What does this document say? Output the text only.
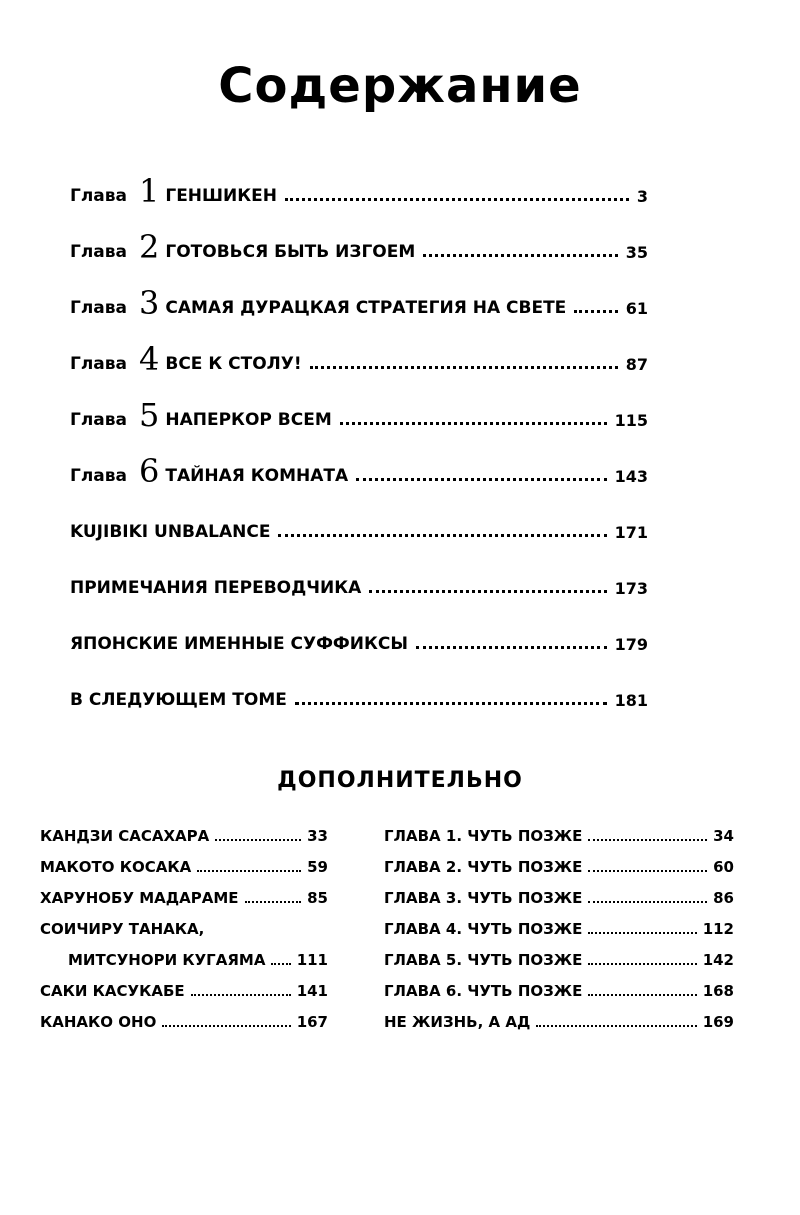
Содержание
Глава 1 ГЕНШИКЕН	3
Глава 2 ГОТОВЬСЯ БЫТЬ ИЗГОЕМ	35
Глава 3 САМАЯ ДУРАЦКАЯ СТРАТЕГИЯ НА СВЕТЕ	61
Глава 4 ВСЕ К СТОЛУ!	87
Глава 5 НАПЕРКОР ВСЕМ	115
Глава 6 ТАЙНАЯ КОМНАТА	143
KUJIBIKI UNBALANCE	171
ПРИМЕЧАНИЯ ПЕРЕВОДЧИКА	173
ЯПОНСКИЕ ИМЕННЫЕ СУФФИКСЫ	179
В СЛЕДУЮЩЕМ ТОМЕ	181
ДОПОЛНИТЕЛЬНО
КАНДЗИ САСАХАРА	33
МАКОТО КОСАКА	59
ХАРУНОБУ МАДАРАМЕ	85
СОИЧИРУ ТАНАКА,
МИТСУНОРИ КУГАЯМА 111
САКИ КАСУКАБЕ	141
КАНАКО ОНО	167
ГЛАВА 1. ЧУТЬ ПОЗЖЕ	34
ГЛАВА 2. ЧУТЬ ПОЗЖЕ	60
ГЛАВА 3. ЧУТЬ ПОЗЖЕ	86
ГЛАВА 4. ЧУТЬ ПОЗЖЕ	112
ГЛАВА 5. ЧУТЬ ПОЗЖЕ	142
ГЛАВА 6. ЧУТЬ ПОЗЖЕ	168
НЕ ЖИЗНЬ, А АД	169
